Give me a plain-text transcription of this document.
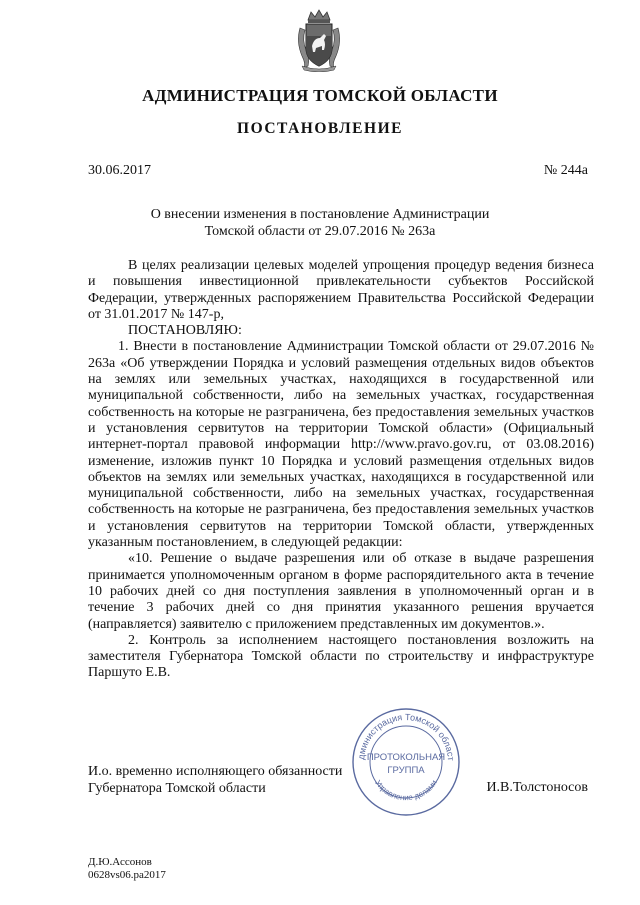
АДМИНИСТРАЦИЯ ТОМСКОЙ ОБЛАСТИ
ПОСТАНОВЛЕНИЕ
30.06.2017	№ 244а
О внесении изменения в постановление Администрации
Томской области от 29.07.2016 № 263а

В целях реализации целевых моделей упрощения процедур ведения бизнеса и повышения инвестиционной привлекательности субъектов Российской Федерации, утвержденных распоряжением Правительства Российской Федерации от 31.01.2017 № 147-р,

ПОСТАНОВЛЯЮ:

1. Внести в постановление Администрации Томской области от 29.07.2016 № 263а «Об утверждении Порядка и условий размещения отдельных видов объектов на землях или земельных участках, находящихся в государственной или муниципальной собственности, либо на земельных участках, государственная собственность на которые не разграничена, без предоставления земельных участков и установления сервитутов на территории Томской области» (Официальный интернет-портал правовой информации http://www.pravo.gov.ru, от 03.08.2016) изменение, изложив пункт 10 Порядка и условий размещения отдельных видов объектов на землях или земельных участках, находящихся в государственной или муниципальной собственности, либо на земельных участках, государственная собственность на которые не разграничена, без предоставления земельных участков и установления сервитутов на территории Томской области, утвержденных указанным постановлением, в следующей редакции:

«10. Решение о выдаче разрешения или об отказе в выдаче разрешения принимается уполномоченным органом в форме распорядительного акта в течение 10 рабочих дней со дня поступления заявления в уполномоченный орган и в течение 3 рабочих дней со дня принятия указанного решения вручается (направляется) заявителю с приложением представленных им документов.».

2. Контроль за исполнением настоящего постановления возложить на заместителя Губернатора Томской области по строительству и инфраструктуре Паршуто Е.В.

И.о. временно исполняющего обязанности
Губернатора Томской области	И.В.Толстоносов
дминистрация Томской област
Управление делами
ПРОТОКОЛЬНАЯ
ГРУППА
Д.Ю.Ассонов
0628vs06.pa2017
